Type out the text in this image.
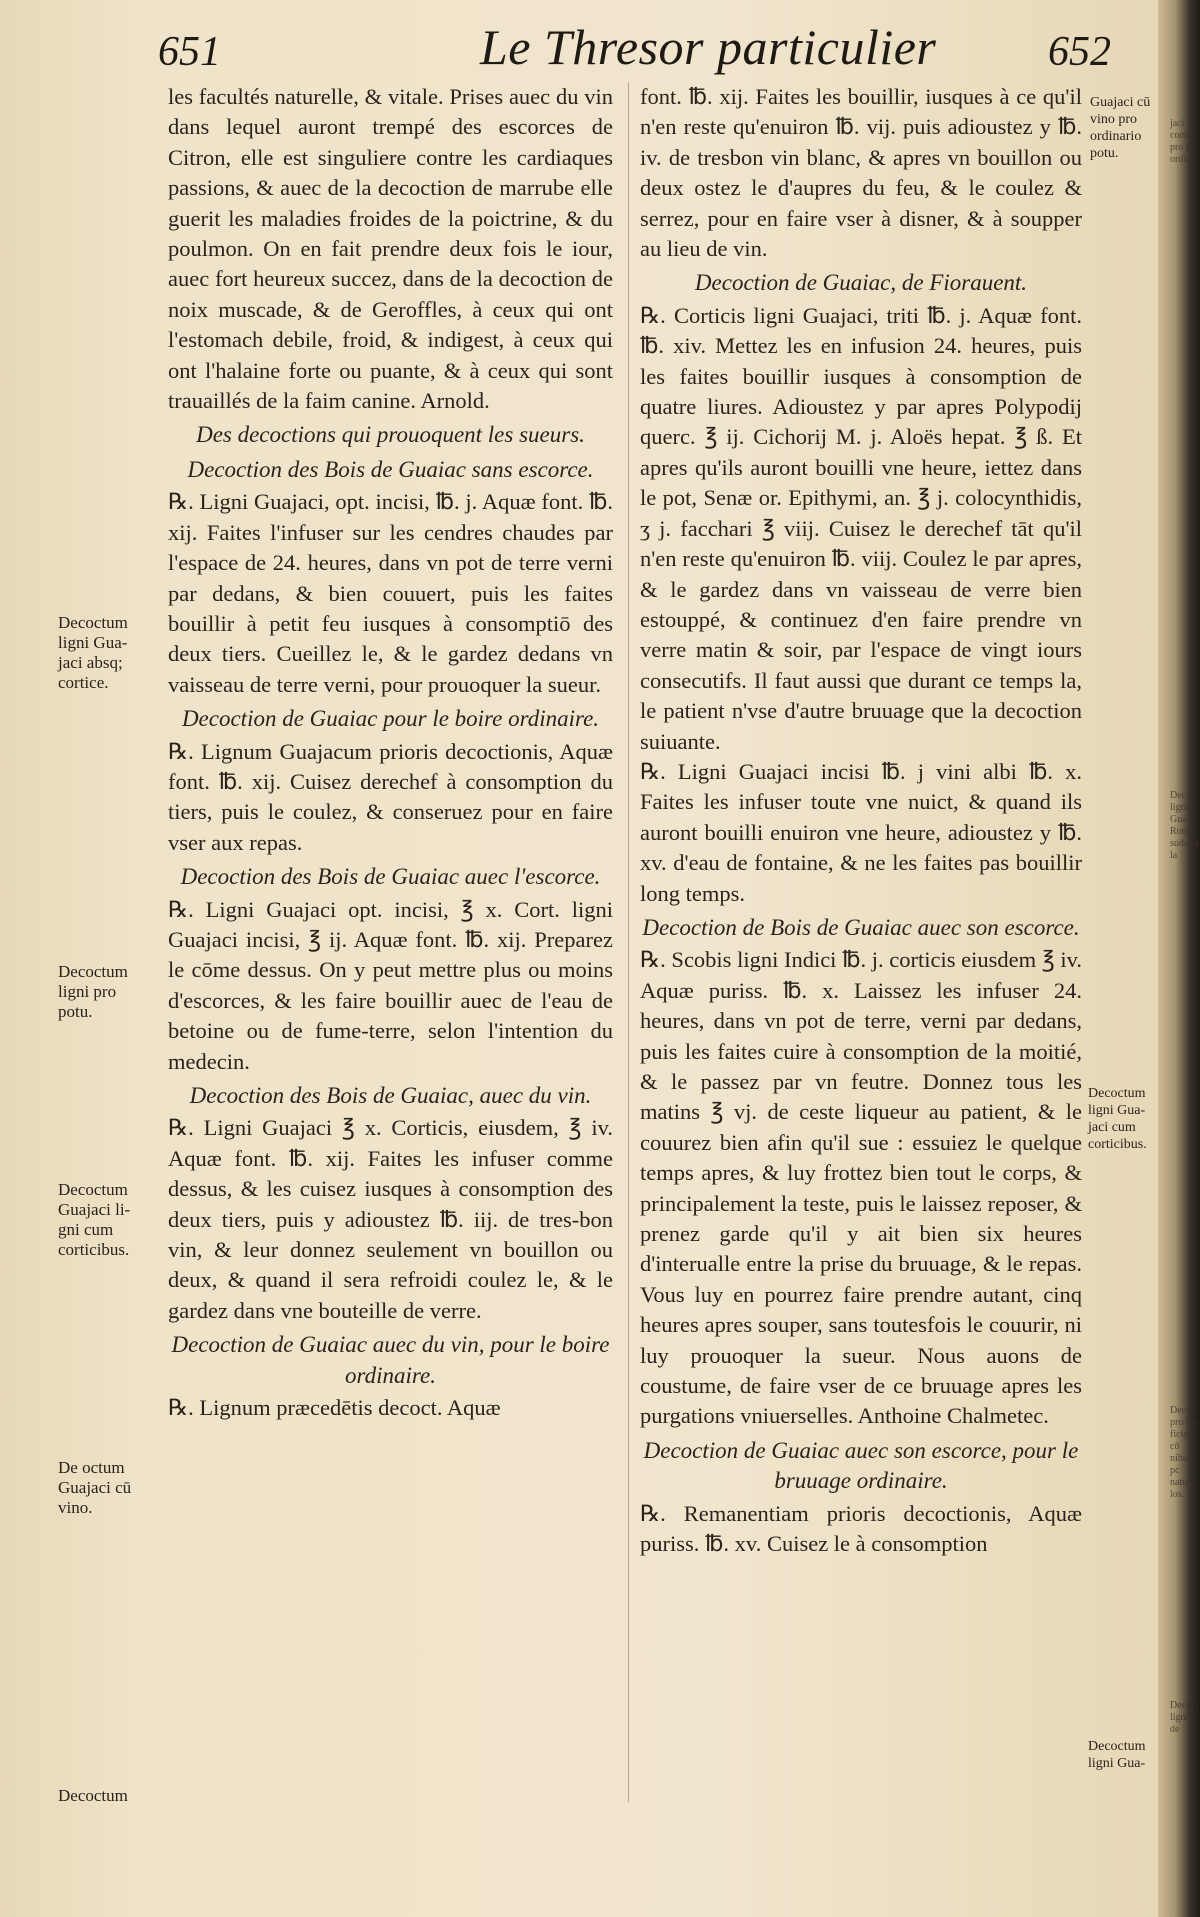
651	Le Thresor particulier	652

les facultés naturelle, & vitale. Prises auec du vin dans lequel auront trempé des escorces de Citron, elle est singuliere contre les cardiaques passions, & auec de la decoction de marrube elle guerit les maladies froides de la poictrine, & du poulmon. On en fait prendre deux fois le iour, auec fort heureux succez, dans de la decoction de noix muscade, & de Geroffles, à ceux qui ont l'estomach debile, froid, & indigest, à ceux qui ont l'halaine forte ou puante, & à ceux qui sont trauaillés de la faim canine. Arnold.

Des decoctions qui prouoquent les sueurs.

Decoction des Bois de Guaiac sans escorce.

℞. Ligni Guajaci, opt. incisi, ℔. j. Aquæ font. ℔. xij. Faites l'infuser sur les cendres chaudes par l'espace de 24. heures, dans vn pot de terre verni par dedans, & bien couuert, puis les faites bouillir à petit feu iusques à consomptiō des deux tiers. Cueillez le, & le gardez dedans vn vaisseau de terre verni, pour prouoquer la sueur.

Decoction de Guaiac pour le boire ordinaire.

℞. Lignum Guajacum prioris decoctionis, Aquæ font. ℔. xij. Cuisez derechef à consomption du tiers, puis le coulez, & conseruez pour en faire vser aux repas.

Decoction des Bois de Guaiac auec l'escorce.

℞. Ligni Guajaci opt. incisi, ℥ x. Cort. ligni Guajaci incisi, ℥ ij. Aquæ font. ℔. xij. Preparez le cōme dessus. On y peut mettre plus ou moins d'escorces, & les faire bouillir auec de l'eau de betoine ou de fume-terre, selon l'intention du medecin.

Decoction des Bois de Guaiac, auec du vin.

℞. Ligni Guajaci ℥ x. Corticis, eiusdem, ℥ iv. Aquæ font. ℔. xij. Faites les infuser comme dessus, & les cuisez iusques à consomption des deux tiers, puis y adioustez ℔. iij. de tres-bon vin, & leur donnez seulement vn bouillon ou deux, & quand il sera refroidi coulez le, & le gardez dans vne bouteille de verre.

Decoction de Guaiac auec du vin, pour le boire ordinaire.

℞. Lignum præcedētis decoct. Aquæ

font. ℔. xij. Faites les bouillir, iusques à ce qu'il n'en reste qu'enuiron ℔. vij. puis adioustez y ℔. iv. de tresbon vin blanc, & apres vn bouillon ou deux ostez le d'aupres du feu, & le coulez & serrez, pour en faire vser à disner, & à soupper au lieu de vin.

Decoction de Guaiac, de Fiorauent.

℞. Corticis ligni Guajaci, triti ℔. j. Aquæ font. ℔. xiv. Mettez les en infusion 24. heures, puis les faites bouillir iusques à consomption de quatre liures. Adioustez y par apres Polypodij querc. ℥ ij. Cichorij M. j. Aloës hepat. ℥ ß. Et apres qu'ils auront bouilli vne heure, iettez dans le pot, Senæ or. Epithymi, an. ℥ j. colocynthidis, ʒ j. facchari ℥ viij. Cuisez le derechef tāt qu'il n'en reste qu'enuiron ℔. viij. Coulez le par apres, & le gardez dans vn vaisseau de verre bien estouppé, & continuez d'en faire prendre vn verre matin & soir, par l'espace de vingt iours consecutifs. Il faut aussi que durant ce temps la, le patient n'vse d'autre bruuage que la decoction suiuante.

℞. Ligni Guajaci incisi ℔. j vini albi ℔. x. Faites les infuser toute vne nuict, & quand ils auront bouilli enuiron vne heure, adioustez y ℔. xv. d'eau de fontaine, & ne les faites pas bouillir long temps.

Decoction de Bois de Guaiac auec son escorce.

℞. Scobis ligni Indici ℔. j. corticis eiusdem ℥ iv. Aquæ puriss. ℔. x. Laissez les infuser 24. heures, dans vn pot de terre, verni par dedans, puis les faites cuire à consomption de la moitié, & le passez par vn feutre. Donnez tous les matins ℥ vj. de ceste liqueur au patient, & le couurez bien afin qu'il sue : essuiez le quelque temps apres, & luy frottez bien tout le corps, & principalement la teste, puis le laissez reposer, & prenez garde qu'il y ait bien six heures d'interualle entre la prise du bruuage, & le repas. Vous luy en pourrez faire prendre autant, cinq heures apres souper, sans toutesfois le couurir, ni luy prouoquer la sueur. Nous auons de coustume, de faire vser de ce bruuage apres les purgations vniuerselles. Anthoine Chalmetec.

Decoction de Guaiac auec son escorce, pour le bruuage ordinaire.

℞. Remanentiam prioris decoctionis, Aquæ puriss. ℔. xv. Cuisez le à consomption

Decoctum
ligni Gua-
jaci absq;
cortice.
Decoctum
ligni pro
potu.
Decoctum
Guajaci li-
gni cum
corticibus.
De octum
Guajaci cū
vino.
Decoctum
Guajaci cū
vino pro
ordinario
potu.
Decoctum
ligni Gua-
jaci cum
corticibus.
Decoctum
ligni Gua-
jaci
cortici
pro f
ordina
Decoc
ligni
Gua
Romo
sudor a
la
Decoc
pro Gu
ficid
cō
nibus pc
natus
los.
Decoct
ligni
de
